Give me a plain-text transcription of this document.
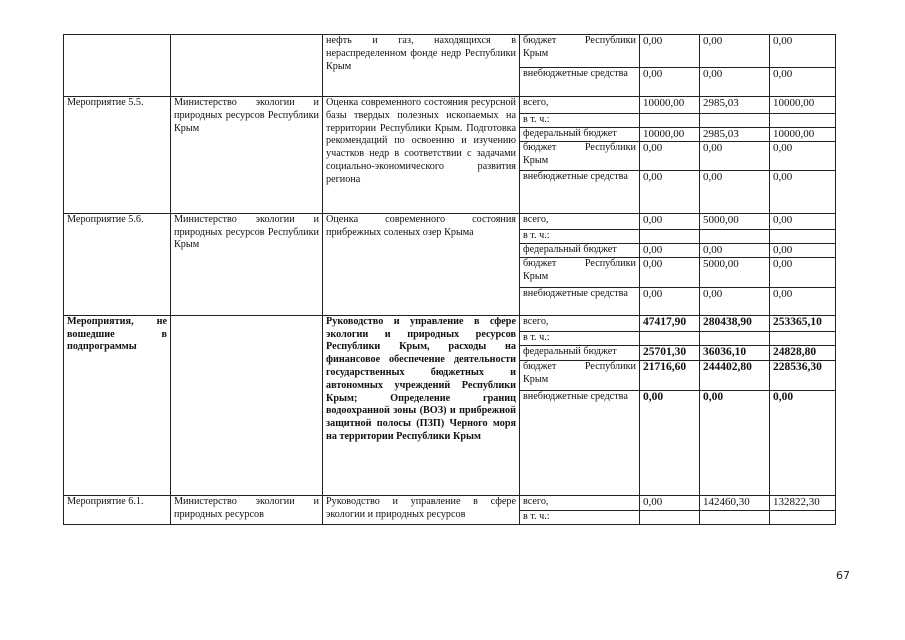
		нефть и газ, находящихся в нераспределенном фонде недр Республики Крым	бюджет Республики Крым	0,00	0,00	0,00
			внебюджетные средства	0,00	0,00	0,00
Мероприятие 5.5.	Министерство экологии и природных ресурсов Республики Крым	Оценка современного состояния ресурсной базы твердых полезных ископаемых на территории Республики Крым. Подготовка рекомендаций по освоению и изучению участков недр в соответствии с задачами социально-экономического развития региона	всего,	10000,00	2985,03	10000,00
			в т. ч.:			
			федеральный бюджет	10000,00	2985,03	10000,00
			бюджет Республики Крым	0,00	0,00	0,00
			внебюджетные средства	0,00	0,00	0,00
Мероприятие 5.6.	Министерство экологии и природных ресурсов Республики Крым	Оценка современного состояния прибрежных соленых озер Крыма	всего,	0,00	5000,00	0,00
			в т. ч.:			
			федеральный бюджет	0,00	0,00	0,00
			бюджет Республики Крым	0,00	5000,00	0,00
			внебюджетные средства	0,00	0,00	0,00
Мероприятия, не вошедшие в подпрограммы		Руководство и управление в сфере экологии и природных ресурсов Республики Крым, расходы на финансовое обеспечение деятельности государственных бюджетных и автономных учреждений Республики Крым; Определение границ водоохранной зоны (ВОЗ) и прибрежной защитной полосы (ПЗП) Черного моря на территории Республики Крым	всего,	47417,90	280438,90	253365,10
			в т. ч.:			
			федеральный бюджет	25701,30	36036,10	24828,80
			бюджет Республики Крым	21716,60	244402,80	228536,30
			внебюджетные средства	0,00	0,00	0,00
Мероприятие 6.1.	Министерство экологии и природных ресурсов	Руководство и управление в сфере экологии и природных ресурсов	всего,	0,00	142460,30	132822,30
			в т. ч.:			
67
